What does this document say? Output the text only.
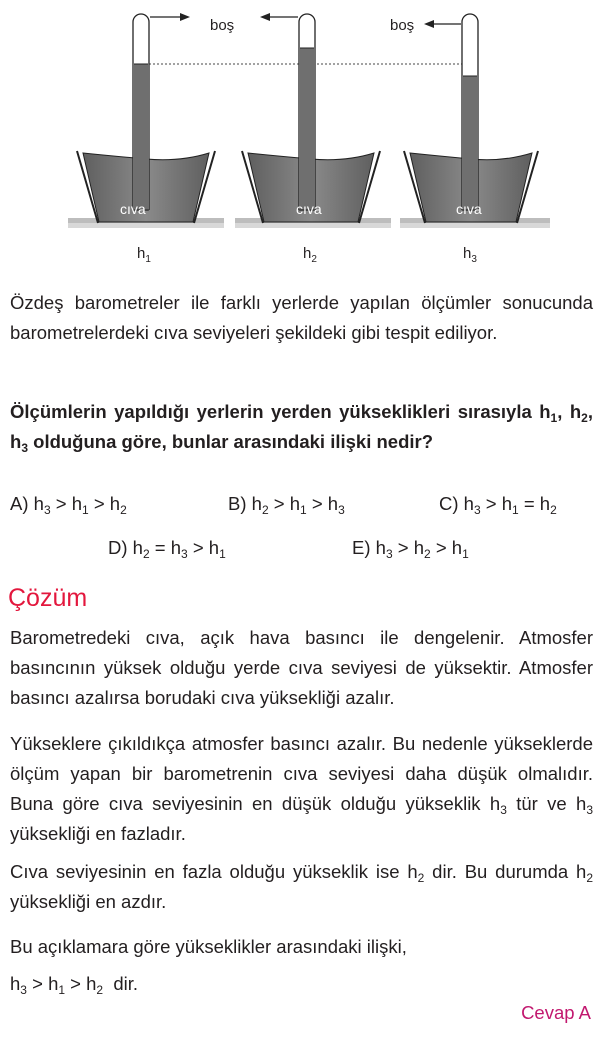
boş
cıva
$h_1$
cıva
$h_2$
boş
cıva
$h_3$

Özdeş barometreler ile farklı yerlerde yapılan ölçümler sonucunda barometrelerdeki cıva seviyeleri şekildeki gibi tespit ediliyor.

Ölçümlerin yapıldığı yerlerin yerden yükseklikleri sırasıyla $h_1$, $h_2$, $h_3$ olduğuna göre, bunlar arasındaki ilişki nedir?

A) $h_3 > h_1 > h_2$	B) $h_2 > h_1 > h_3$	C) $h_3 > h_1 = h_2$
D) $h_2 = h_3 > h_1$	E) $h_3 > h_2 > h_1$
Çözüm

Barometredeki cıva, açık hava basıncı ile dengelenir. Atmosfer basıncının yüksek olduğu yerde cıva seviyesi de yüksektir. Atmosfer basıncı azalırsa borudaki cıva yüksekliği azalır.

Yükseklere çıkıldıkça atmosfer basıncı azalır. Bu nedenle yükseklerde ölçüm yapan bir barometrenin cıva seviyesi daha düşük olmalıdır. Buna göre cıva seviyesinin en düşük olduğu yükseklik $h_3$ tür ve $h_3$ yüksekliği en fazladır.

Cıva seviyesinin en fazla olduğu yükseklik ise $h_2$ dir. Bu durumda $h_2$ yüksekliği en azdır.

Bu açıklamara göre yükseklikler arasındaki ilişki,

$h_3 > h_1 > h_2$  dir.

Cevap A
